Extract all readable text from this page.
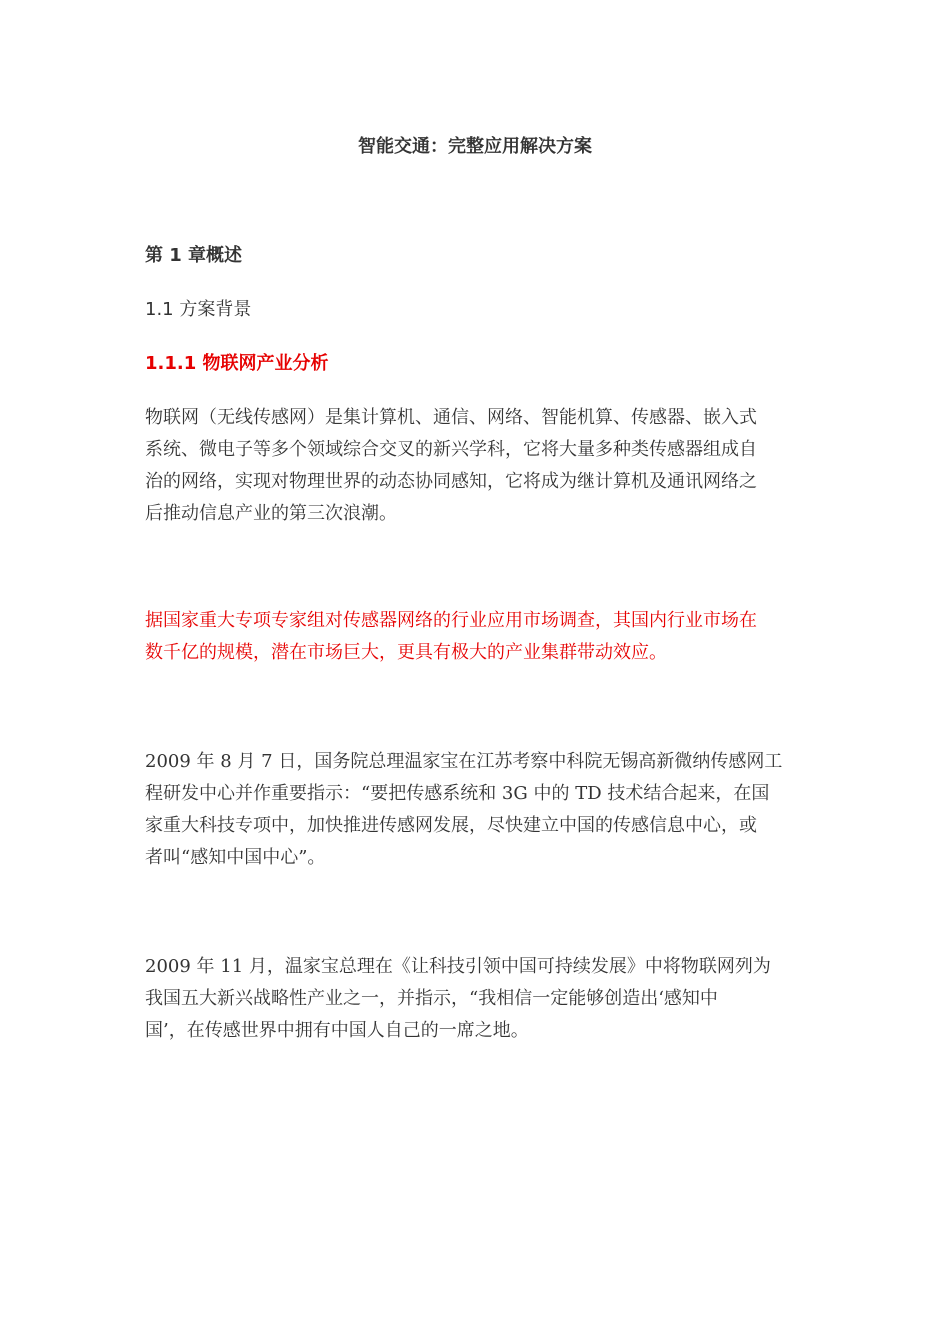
智能交通：完整应用解决方案
第 1 章概述
1.1 方案背景
1.1.1 物联网产业分析

物联网（无线传感网）是集计算机、通信、网络、智能机算、传感器、嵌入式
系统、微电子等多个领域综合交叉的新兴学科，它将大量多种类传感器组成自
治的网络，实现对物理世界的动态协同感知，它将成为继计算机及通讯网络之
后推动信息产业的第三次浪潮。

据国家重大专项专家组对传感器网络的行业应用市场调查，其国内行业市场在
数千亿的规模，潜在市场巨大，更具有极大的产业集群带动效应。

2009 年 8 月 7 日，国务院总理温家宝在江苏考察中科院无锡高新微纳传感网工
程研发中心并作重要指示：“要把传感系统和 3G 中的 TD 技术结合起来，在国
家重大科技专项中，加快推进传感网发展，尽快建立中国的传感信息中心，或
者叫“感知中国中心”。

2009 年 11 月，温家宝总理在《让科技引领中国可持续发展》中将物联网列为
我国五大新兴战略性产业之一，并指示，“我相信一定能够创造出‘感知中
国’，在传感世界中拥有中国人自己的一席之地。
